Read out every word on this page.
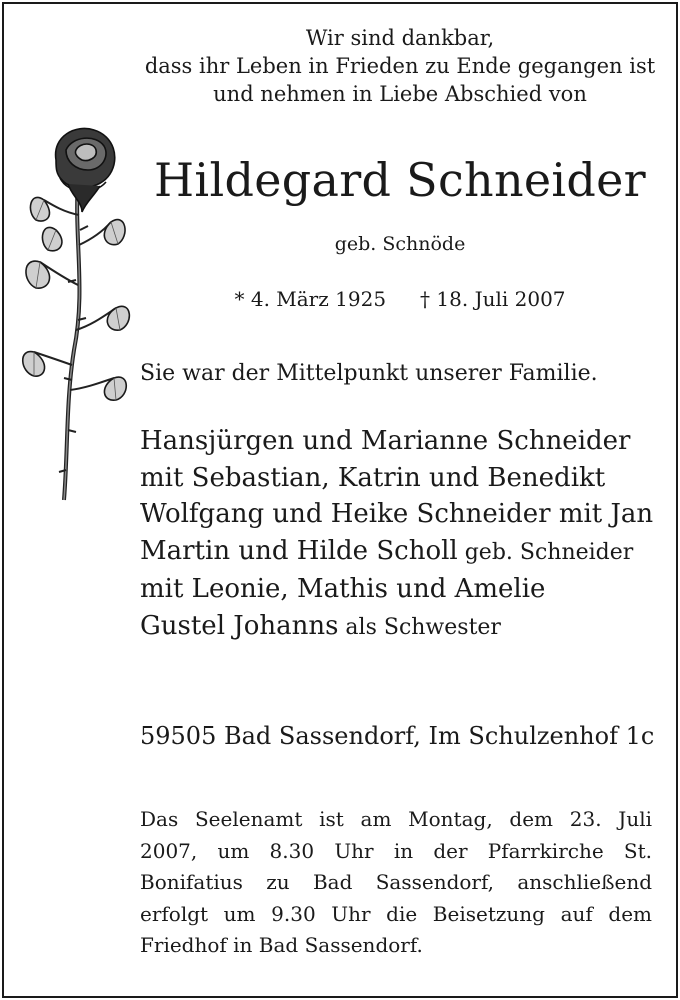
Wir sind dankbar,
dass ihr Leben in Frieden zu Ende gegangen ist
und nehmen in Liebe Abschied von
Hildegard Schneider
geb. Schnöde
* 4. März 1925 † 18. Juli 2007
Sie war der Mittelpunkt unserer Familie.
Hansjürgen und Marianne Schneider
mit Sebastian, Katrin und Benedikt
Wolfgang und Heike Schneider mit Jan
Martin und Hilde Scholl geb. Schneider
mit Leonie, Mathis und Amelie
Gustel Johanns als Schwester
59505 Bad Sassendorf, Im Schulzenhof 1c
Das Seelenamt ist am Montag, dem 23. Juli
2007, um 8.30 Uhr in der Pfarrkirche St.
Bonifatius zu Bad Sassendorf, anschließend
erfolgt um 9.30 Uhr die Beisetzung auf dem
Friedhof in Bad Sassendorf.
